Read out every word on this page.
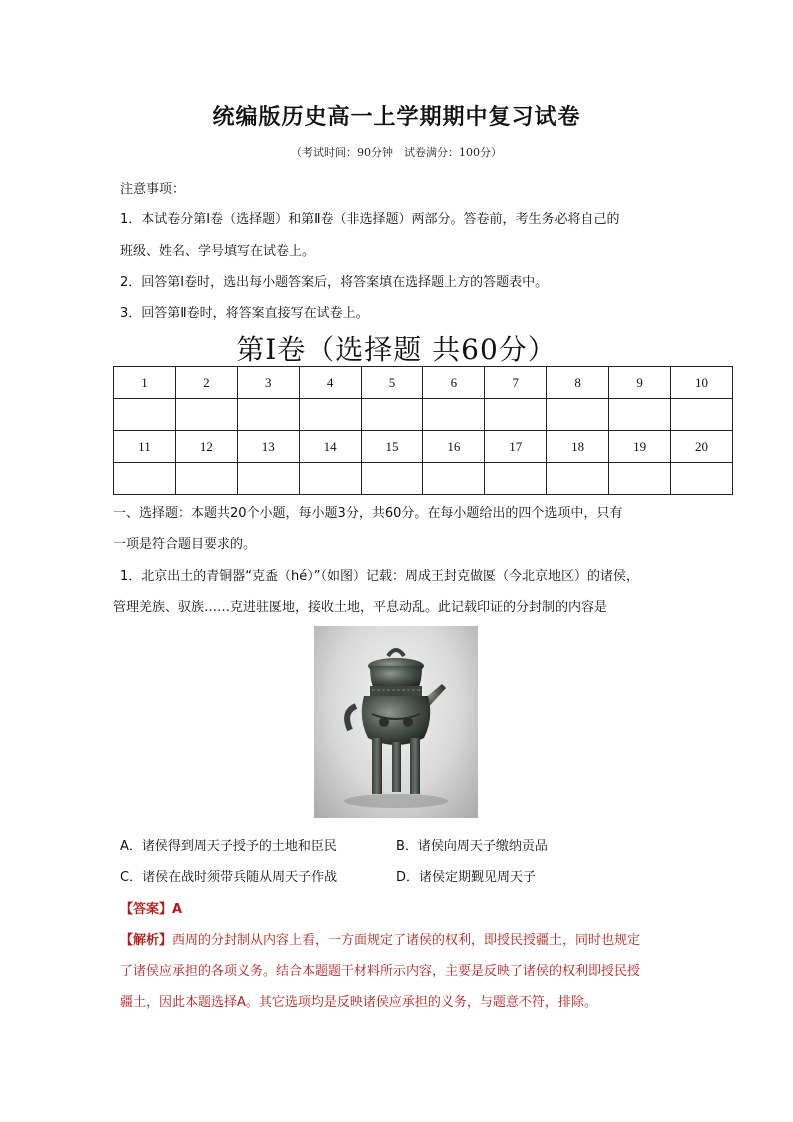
统编版历史高一上学期期中复习试卷
（考试时间：90分钟　试卷满分：100分）
注意事项：
1．本试卷分第Ⅰ卷（选择题）和第Ⅱ卷（非选择题）两部分。答卷前，考生务必将自己的
班级、姓名、学号填写在试卷上。
2．回答第Ⅰ卷时，选出每小题答案后，将答案填在选择题上方的答题表中。
3．回答第Ⅱ卷时，将答案直接写在试卷上。
第Ⅰ卷（选择题 共60分）
1	2	3	4	5	6	7	8	9	10

11	12	13	14	15	16	17	18	19	20

一、选择题：本题共20个小题，每小题3分，共60分。在每小题给出的四个选项中，只有
一项是符合题目要求的。
1．北京出土的青铜器“克盉（hé）”（如图）记载：周成王封克做匽（今北京地区）的诸侯，
管理羌族、驭族……克进驻匽地，接收土地，平息动乱。此记载印证的分封制的内容是
A．诸侯得到周天子授予的土地和臣民	B．诸侯向周天子缴纳贡品
C．诸侯在战时须带兵随从周天子作战	D．诸侯定期觐见周天子
【答案】A
【解析】西周的分封制从内容上看，一方面规定了诸侯的权利，即授民授疆土，同时也规定
了诸侯应承担的各项义务。结合本题题干材料所示内容，主要是反映了诸侯的权利即授民授
疆土，因此本题选择A。其它选项均是反映诸侯应承担的义务，与题意不符，排除。
